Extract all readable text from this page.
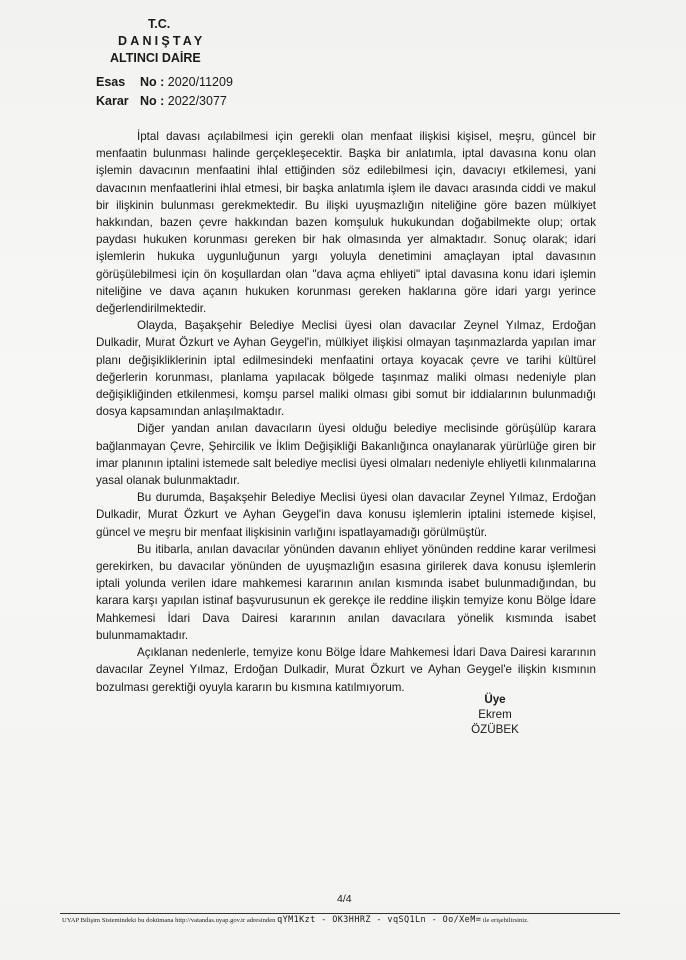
T.C.
DANIŞTAY
ALTINCI DAİRE
Esas	No : 2020/11209
Karar No : 2022/3077

İptal davası açılabilmesi için gerekli olan menfaat ilişkisi kişisel, meşru, güncel bir menfaatin bulunması halinde gerçekleşecektir. Başka bir anlatımla, iptal davasına konu olan işlemin davacının menfaatini ihlal ettiğinden söz edilebilmesi için, davacıyı etkilemesi, yani davacının menfaatlerini ihlal etmesi, bir başka anlatımla işlem ile davacı arasında ciddi ve makul bir ilişkinin bulunması gerekmektedir. Bu ilişki uyuşmazlığın niteliğine göre bazen mülkiyet hakkından, bazen çevre hakkından bazen komşuluk hukukundan doğabilmekte olup; ortak paydası hukuken korunması gereken bir hak olmasında yer almaktadır. Sonuç olarak; idari işlemlerin hukuka uygunluğunun yargı yoluyla denetimini amaçlayan iptal davasının görüşülebilmesi için ön koşullardan olan "dava açma ehliyeti" iptal davasına konu idari işlemin niteliğine ve dava açanın hukuken korunması gereken haklarına göre idari yargı yerince değerlendirilmektedir.

Olayda, Başakşehir Belediye Meclisi üyesi olan davacılar Zeynel Yılmaz, Erdoğan Dulkadir, Murat Özkurt ve Ayhan Geygel'in, mülkiyet ilişkisi olmayan taşınmazlarda yapılan imar planı değişikliklerinin iptal edilmesindeki menfaatini ortaya koyacak çevre ve tarihi kültürel değerlerin korunması, planlama yapılacak bölgede taşınmaz maliki olması nedeniyle plan değişikliğinden etkilenmesi, komşu parsel maliki olması gibi somut bir iddialarının bulunmadığı dosya kapsamından anlaşılmaktadır.

Diğer yandan anılan davacıların üyesi olduğu belediye meclisinde görüşülüp karara bağlanmayan Çevre, Şehircilik ve İklim Değişikliği Bakanlığınca onaylanarak yürürlüğe giren bir imar planının iptalini istemede salt belediye meclisi üyesi olmaları nedeniyle ehliyetli kılınmalarına yasal olanak bulunmaktadır.

Bu durumda, Başakşehir Belediye Meclisi üyesi olan davacılar Zeynel Yılmaz, Erdoğan Dulkadir, Murat Özkurt ve Ayhan Geygel'in dava konusu işlemlerin iptalini istemede kişisel, güncel ve meşru bir menfaat ilişkisinin varlığını ispatlayamadığı görülmüştür.

Bu itibarla, anılan davacılar yönünden davanın ehliyet yönünden reddine karar verilmesi gerekirken, bu davacılar yönünden de uyuşmazlığın esasına girilerek dava konusu işlemlerin iptali yolunda verilen idare mahkemesi kararının anılan kısmında isabet bulunmadığından, bu karara karşı yapılan istinaf başvurusunun ek gerekçe ile reddine ilişkin temyize konu Bölge İdare Mahkemesi İdari Dava Dairesi kararının anılan davacılara yönelik kısmında isabet bulunmamaktadır.

Açıklanan nedenlerle, temyize konu Bölge İdare Mahkemesi İdari Dava Dairesi kararının davacılar Zeynel Yılmaz, Erdoğan Dulkadir, Murat Özkurt ve Ayhan Geygel'e ilişkin kısmının bozulması gerektiği oyuyla kararın bu kısmına katılmıyorum.

Üye
Ekrem
ÖZÜBEK
4/4
UYAP Bilişim Sistemindeki bu dokümana http://vatandas.uyap.gov.tr adresinden qYM1Kzt - OK3HHRZ - vqSQ1Ln - Oo/XeM= ile erişebilirsiniz.
